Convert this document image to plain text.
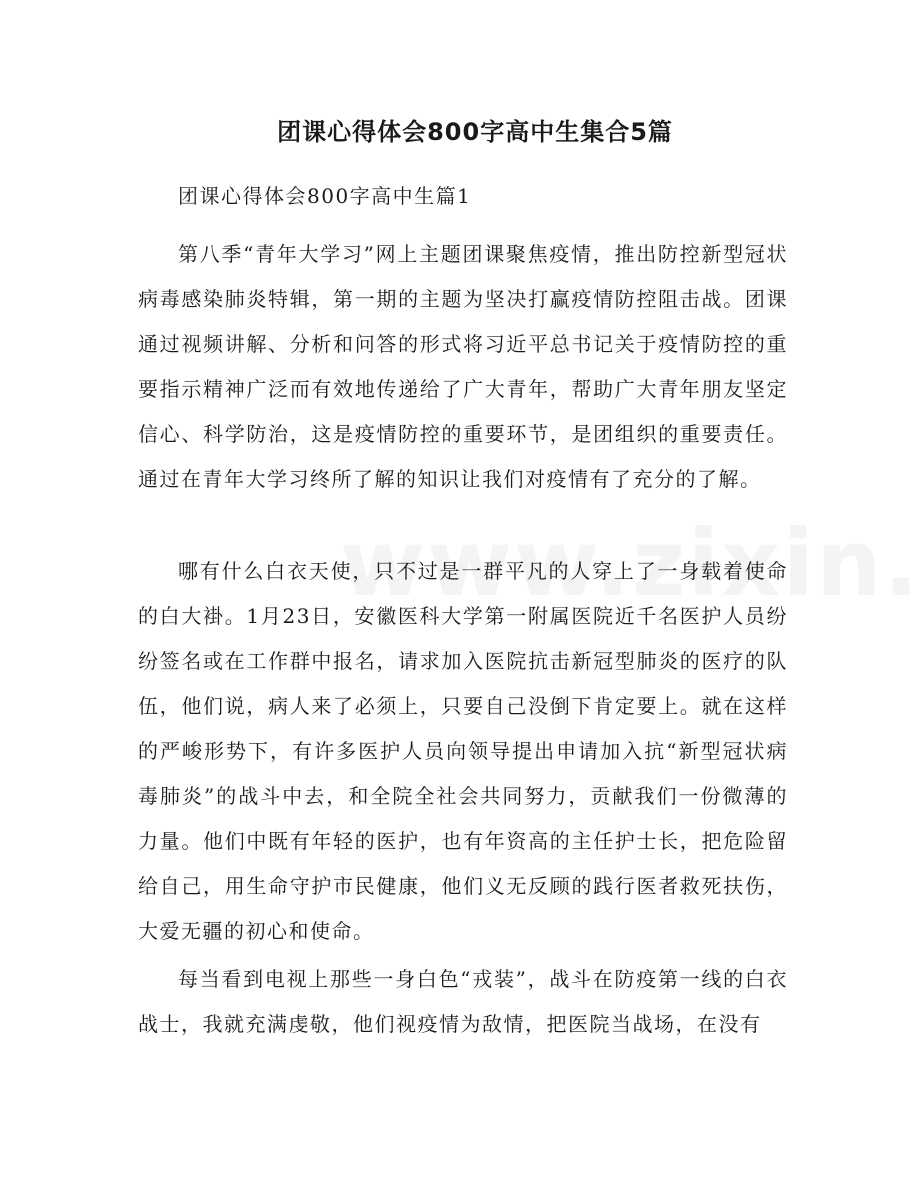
团课心得体会800字高中生集合5篇
团课心得体会800字高中生篇1

第八季“青年大学习”网上主题团课聚焦疫情，推出防控新型冠状病毒感染肺炎特辑，第一期的主题为坚决打赢疫情防控阻击战。团课通过视频讲解、分析和问答的形式将习近平总书记关于疫情防控的重要指示精神广泛而有效地传递给了广大青年，帮助广大青年朋友坚定信心、科学防治，这是疫情防控的重要环节，是团组织的重要责任。通过在青年大学习终所了解的知识让我们对疫情有了充分的了解。

哪有什么白衣天使，只不过是一群平凡的人穿上了一身载着使命的白大褂。1月23日，安徽医科大学第一附属医院近千名医护人员纷纷签名或在工作群中报名，请求加入医院抗击新冠型肺炎的医疗的队伍，他们说，病人来了必须上，只要自己没倒下肯定要上。就在这样的严峻形势下，有许多医护人员向领导提出申请加入抗“新型冠状病毒肺炎”的战斗中去，和全院全社会共同努力，贡献我们一份微薄的力量。他们中既有年轻的医护，也有年资高的主任护士长，把危险留给自己，用生命守护市民健康，他们义无反顾的践行医者救死扶伤，大爱无疆的初心和使命。

每当看到电视上那些一身白色“戎装”，战斗在防疫第一线的白衣战士，我就充满虔敬，他们视疫情为敌情，把医院当战场，在没有
